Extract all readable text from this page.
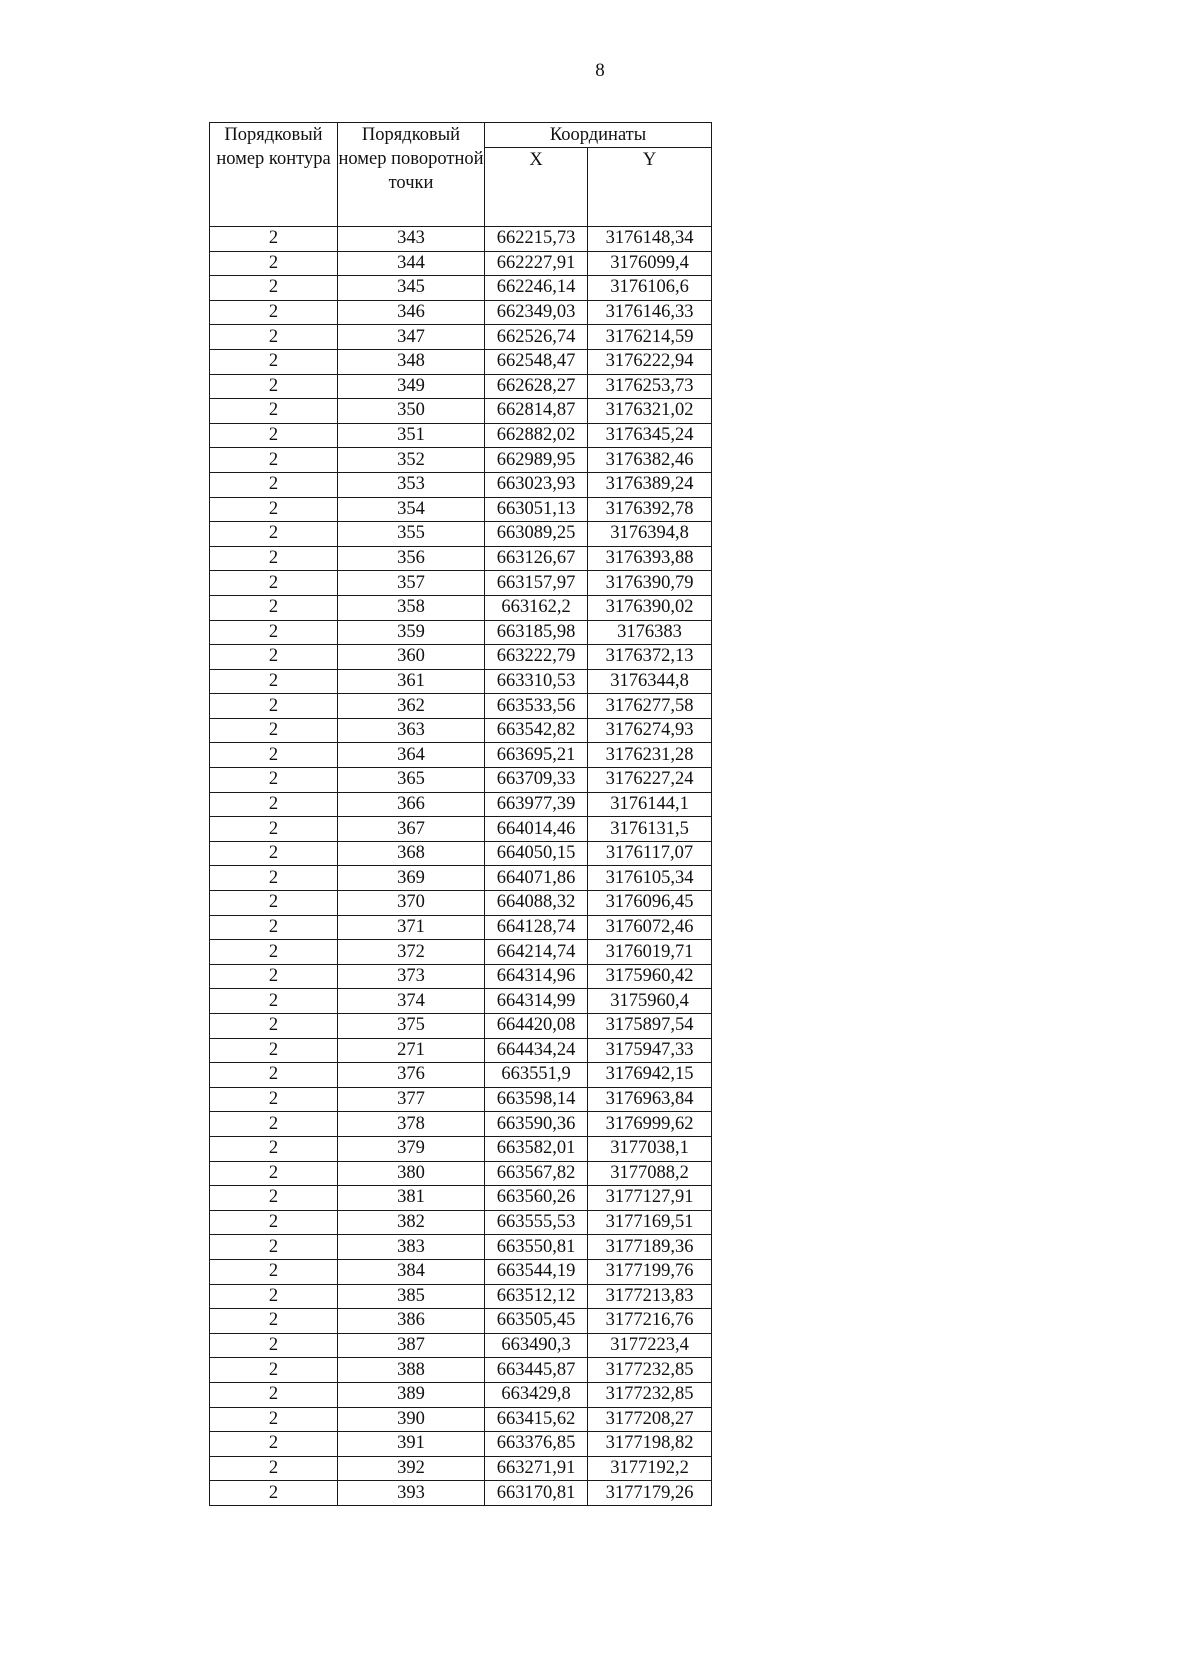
8
Порядковый номер контура	Порядковый номер поворотной точки	Координаты	
		X	Y
2	343	662215,73	3176148,34
2	344	662227,91	3176099,4
2	345	662246,14	3176106,6
2	346	662349,03	3176146,33
2	347	662526,74	3176214,59
2	348	662548,47	3176222,94
2	349	662628,27	3176253,73
2	350	662814,87	3176321,02
2	351	662882,02	3176345,24
2	352	662989,95	3176382,46
2	353	663023,93	3176389,24
2	354	663051,13	3176392,78
2	355	663089,25	3176394,8
2	356	663126,67	3176393,88
2	357	663157,97	3176390,79
2	358	663162,2	3176390,02
2	359	663185,98	3176383
2	360	663222,79	3176372,13
2	361	663310,53	3176344,8
2	362	663533,56	3176277,58
2	363	663542,82	3176274,93
2	364	663695,21	3176231,28
2	365	663709,33	3176227,24
2	366	663977,39	3176144,1
2	367	664014,46	3176131,5
2	368	664050,15	3176117,07
2	369	664071,86	3176105,34
2	370	664088,32	3176096,45
2	371	664128,74	3176072,46
2	372	664214,74	3176019,71
2	373	664314,96	3175960,42
2	374	664314,99	3175960,4
2	375	664420,08	3175897,54
2	271	664434,24	3175947,33
2	376	663551,9	3176942,15
2	377	663598,14	3176963,84
2	378	663590,36	3176999,62
2	379	663582,01	3177038,1
2	380	663567,82	3177088,2
2	381	663560,26	3177127,91
2	382	663555,53	3177169,51
2	383	663550,81	3177189,36
2	384	663544,19	3177199,76
2	385	663512,12	3177213,83
2	386	663505,45	3177216,76
2	387	663490,3	3177223,4
2	388	663445,87	3177232,85
2	389	663429,8	3177232,85
2	390	663415,62	3177208,27
2	391	663376,85	3177198,82
2	392	663271,91	3177192,2
2	393	663170,81	3177179,26
